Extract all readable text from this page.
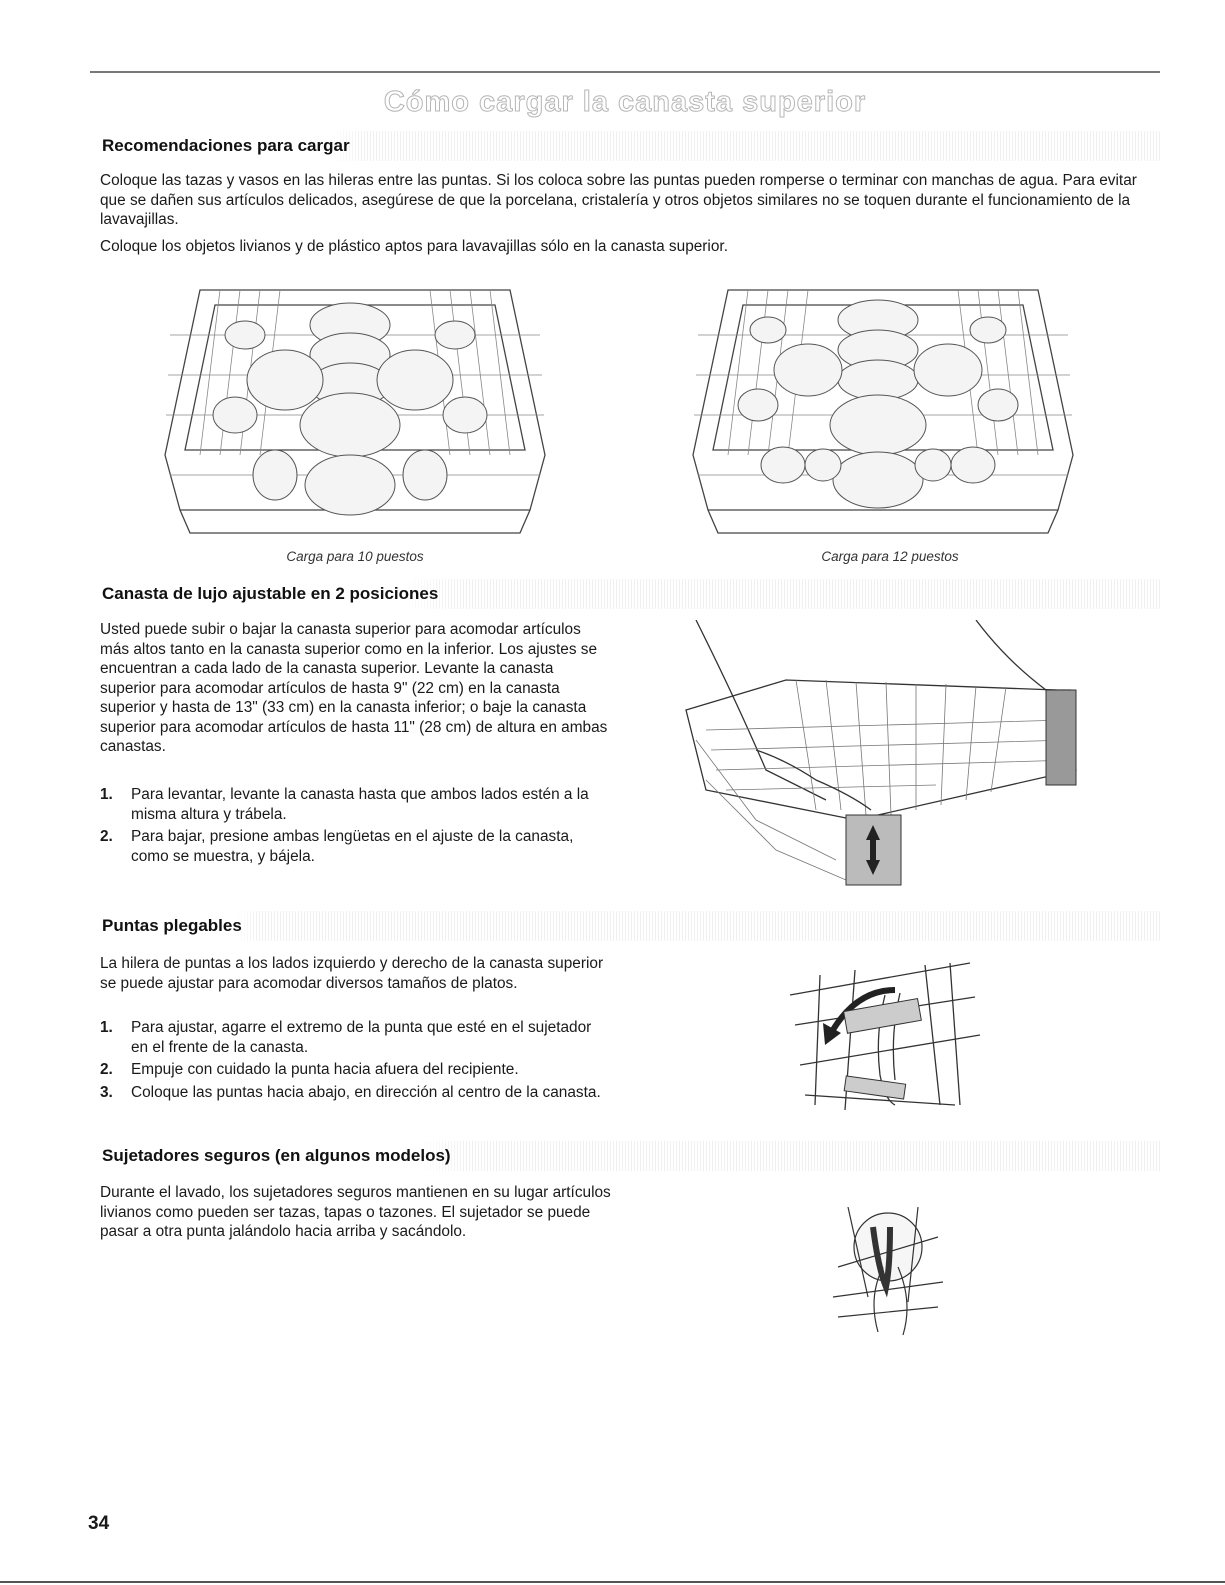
Cómo cargar la canasta superior
Recomendaciones para cargar

Coloque las tazas y vasos en las hileras entre las puntas. Si los coloca sobre las puntas pueden romperse o terminar con manchas de agua. Para evitar que se dañen sus artículos delicados, asegúrese de que la porcelana, cristalería y otros objetos similares no se toquen durante el funcionamiento de la lavavajillas.

Coloque los objetos livianos y de plástico aptos para lavavajillas sólo en la canasta superior.

Carga para 10 puestos	Carga para 12 puestos
Canasta de lujo ajustable en 2 posiciones

Usted puede subir o bajar la canasta superior para acomodar artículos más altos tanto en la canasta superior como en la inferior. Los ajustes se encuentran a cada lado de la canasta superior. Levante la canasta superior para acomodar artículos de hasta 9" (22 cm) en la canasta superior y hasta de 13" (33 cm) en la canasta inferior; o baje la canasta superior para acomodar artículos de hasta 11" (28 cm) de altura en ambas canastas.

1. Para levantar, levante la canasta hasta que ambos lados estén a la misma altura y trábela.
2. Para bajar, presione ambas lengüetas en el ajuste de la canasta, como se muestra, y bájela.
Puntas plegables

La hilera de puntas a los lados izquierdo y derecho de la canasta superior se puede ajustar para acomodar diversos tamaños de platos.

1. Para ajustar, agarre el extremo de la punta que esté en el sujetador en el frente de la canasta.
2. Empuje con cuidado la punta hacia afuera del recipiente.
3. Coloque las puntas hacia abajo, en dirección al centro de la canasta.
Sujetadores seguros (en algunos modelos)

Durante el lavado, los sujetadores seguros mantienen en su lugar artículos livianos como pueden ser tazas, tapas o tazones. El sujetador se puede pasar a otra punta jalándolo hacia arriba y sacándolo.

34
